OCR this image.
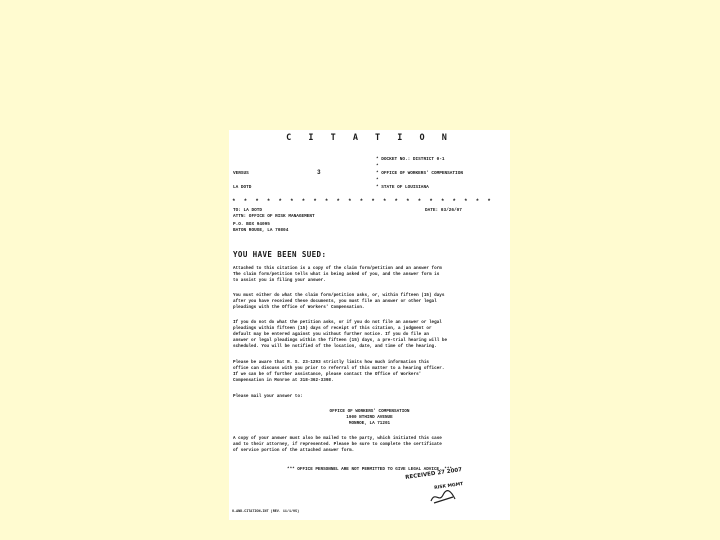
C I T A T I O N
VERSUS	3
LA DOTD
* DOCKET NO.: DISTRICT 0-1
* OFFICE OF WORKERS' COMPENSATION
* STATE OF LOUISIANA
*
*
* * * * * * * * * * * * * * * * * * * * * * *
TO: LA DOTD
ATTN: OFFICE OF RISK MANAGEMENT
P.O. BOX 94095
BATON ROUGE, LA 70804
DATE: 03/26/07
YOU HAVE BEEN SUED:
Attached to this citation is a copy of the claim form/petition and an answer form
The claim form/petition tells what is being asked of you, and the answer form is
to assist you in filing your answer.
You must either do what the claim form/petition asks, or, within fifteen (15) days
after you have received these documents, you must file an answer or other legal
pleadings with the Office of Workers' Compensation.
If you do not do what the petition asks, or if you do not file an answer or legal
pleadings within fifteen (15) days of receipt of this citation, a judgment or
default may be entered against you without further notice. If you do file an
answer or legal pleadings within the fifteen (15) days, a pre-trial hearing will be
scheduled. You will be notified of the location, date, and time of the hearing.
Please be aware that R. S. 23-1293 strictly limits how much information this
office can discuss with you prior to referral of this matter to a hearing officer.
If we can be of further assistance, please contact the Office of Workers'
Compensation in Monroe at 318-362-3398.
Please mail your answer to:
OFFICE OF WORKERS' COMPENSATION
1900 NTHIRD AVENUE
MONROE, LA 71201
A copy of your answer must also be mailed to the party, which initiated this case
and to their attorney, if represented. Please be sure to complete the certificate
of service portion of the attached answer form.
*** OFFICE PERSONNEL ARE NOT PERMITTED TO GIVE LEGAL ADVICE. ***
RECEIVED 27 2007
RISK MGMT
O-AND-CITATION-INT (REV. 11/1/05)
